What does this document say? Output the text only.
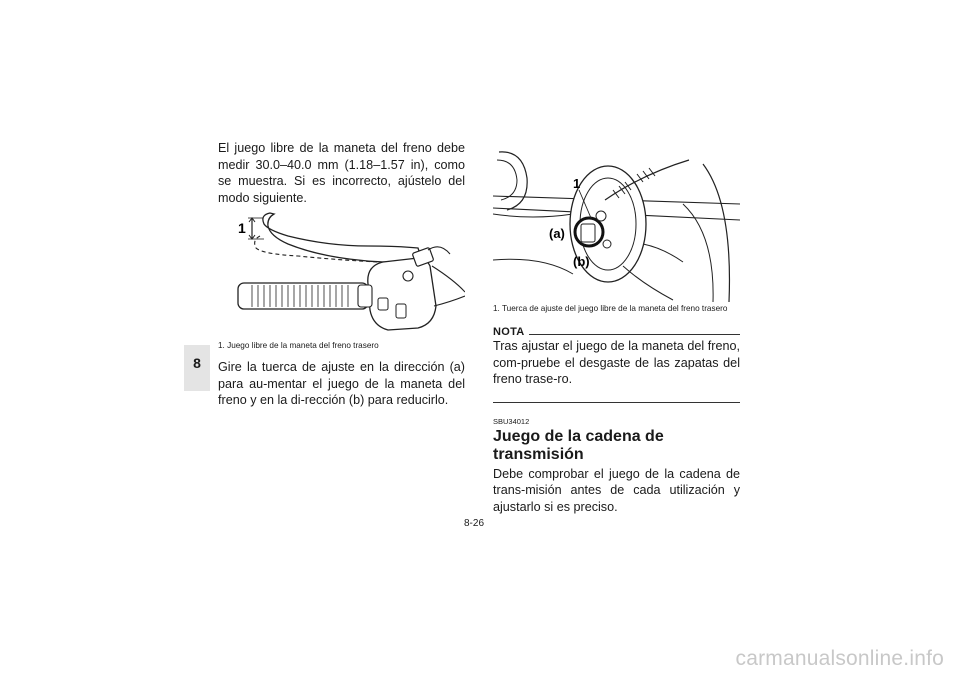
8

El juego libre de la maneta del freno debe medir 30.0–40.0 mm (1.18–1.57 in), como se muestra. Si es incorrecto, ajústelo del modo siguiente.

1

1. Juego libre de la maneta del freno trasero

Gire la tuerca de ajuste en la dirección (a) para au-mentar el juego de la maneta del freno y en la di-rección (b) para reducirlo.

1
(a)
(b)

1. Tuerca de ajuste del juego libre de la maneta del freno trasero

NOTA

Tras ajustar el juego de la maneta del freno, com-pruebe el desgaste de las zapatas del freno trase-ro.

SBU34012
Juego de la cadena de transmisión

Debe comprobar el juego de la cadena de trans-misión antes de cada utilización y ajustarlo si es preciso.

8-26
carmanualsonline.info
